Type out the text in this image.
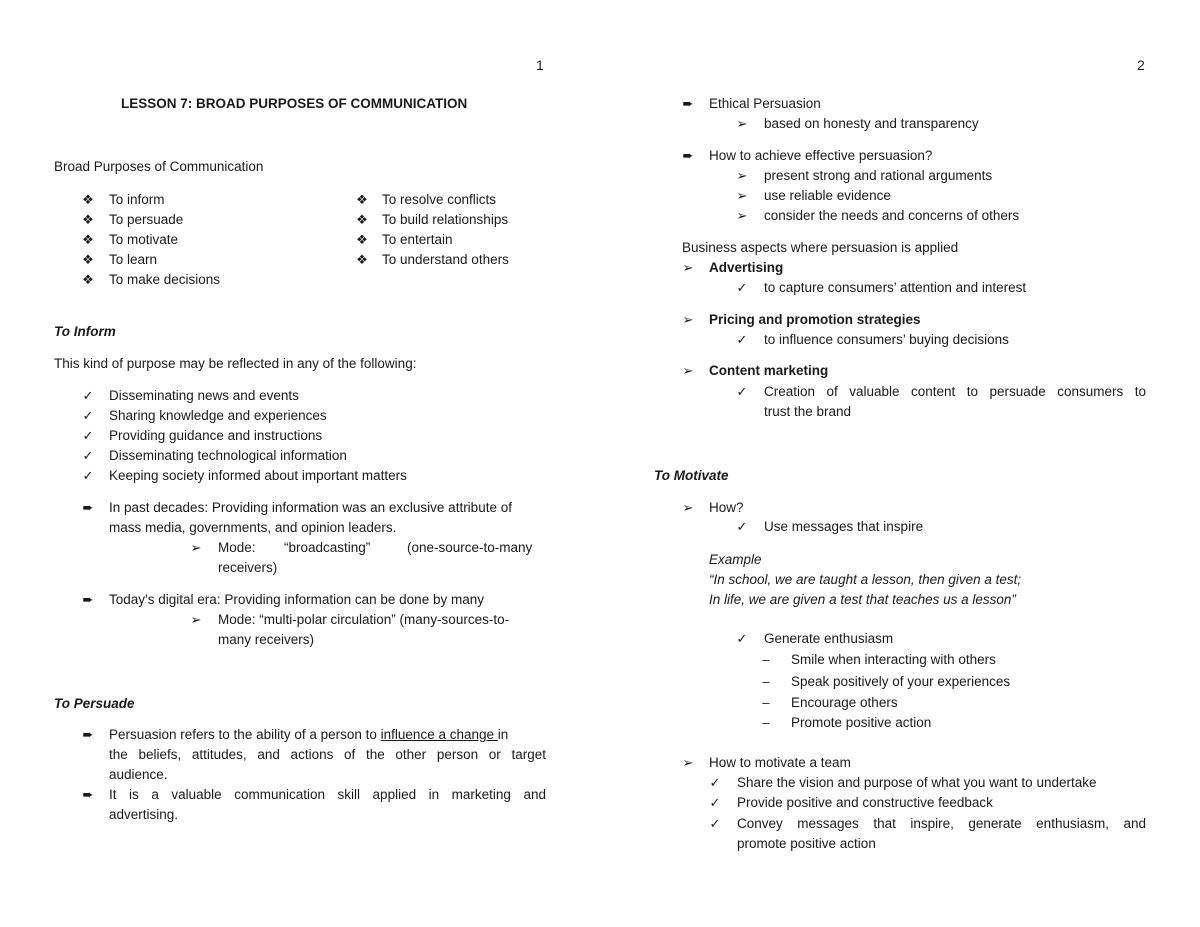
1
LESSON 7: BROAD PURPOSES OF COMMUNICATION
Broad Purposes of Communication
❖ To inform
❖ To persuade
❖ To motivate
❖ To learn
❖ To make decisions
❖ To resolve conflicts
❖ To build relationships
❖ To entertain
❖ To understand others
To Inform
This kind of purpose may be reflected in any of the following:
✓ Disseminating news and events
✓ Sharing knowledge and experiences
✓ Providing guidance and instructions
✓ Disseminating technological information
✓ Keeping society informed about important matters
➨ In past decades: Providing information was an exclusive attribute of
mass media, governments, and opinion leaders.
➢ Mode: “broadcasting”	(one-source-to-many
receivers)
➨ Today’s digital era: Providing information can be done by many
➢ Mode: “multi-polar circulation” (many-sources-to-
many receivers)
To Persuade
➨ Persuasion refers to the ability of a person to influence a change in
the beliefs, attitudes, and actions of the other person or target
audience.
➨ It is a valuable communication skill applied in marketing and
advertising.
2
➨ Ethical Persuasion
➢ based on honesty and transparency
➨ How to achieve effective persuasion?
➢ present strong and rational arguments
➢ use reliable evidence
➢ consider the needs and concerns of others
Business aspects where persuasion is applied
➢ Advertising
✓ to capture consumers’ attention and interest
➢ Pricing and promotion strategies
✓ to influence consumers’ buying decisions
➢ Content marketing
✓ Creation of valuable content to persuade consumers to
trust the brand
To Motivate
➢ How?
✓ Use messages that inspire
Example
“In school, we are taught a lesson, then given a test;
In life, we are given a test that teaches us a lesson”
✓ Generate enthusiasm
–	Smile when interacting with others
–	Speak positively of your experiences
–	Encourage others
–	Promote positive action
➢ How to motivate a team
✓ Share the vision and purpose of what you want to undertake
✓ Provide positive and constructive feedback
✓ Convey messages that inspire, generate enthusiasm, and
promote positive action
